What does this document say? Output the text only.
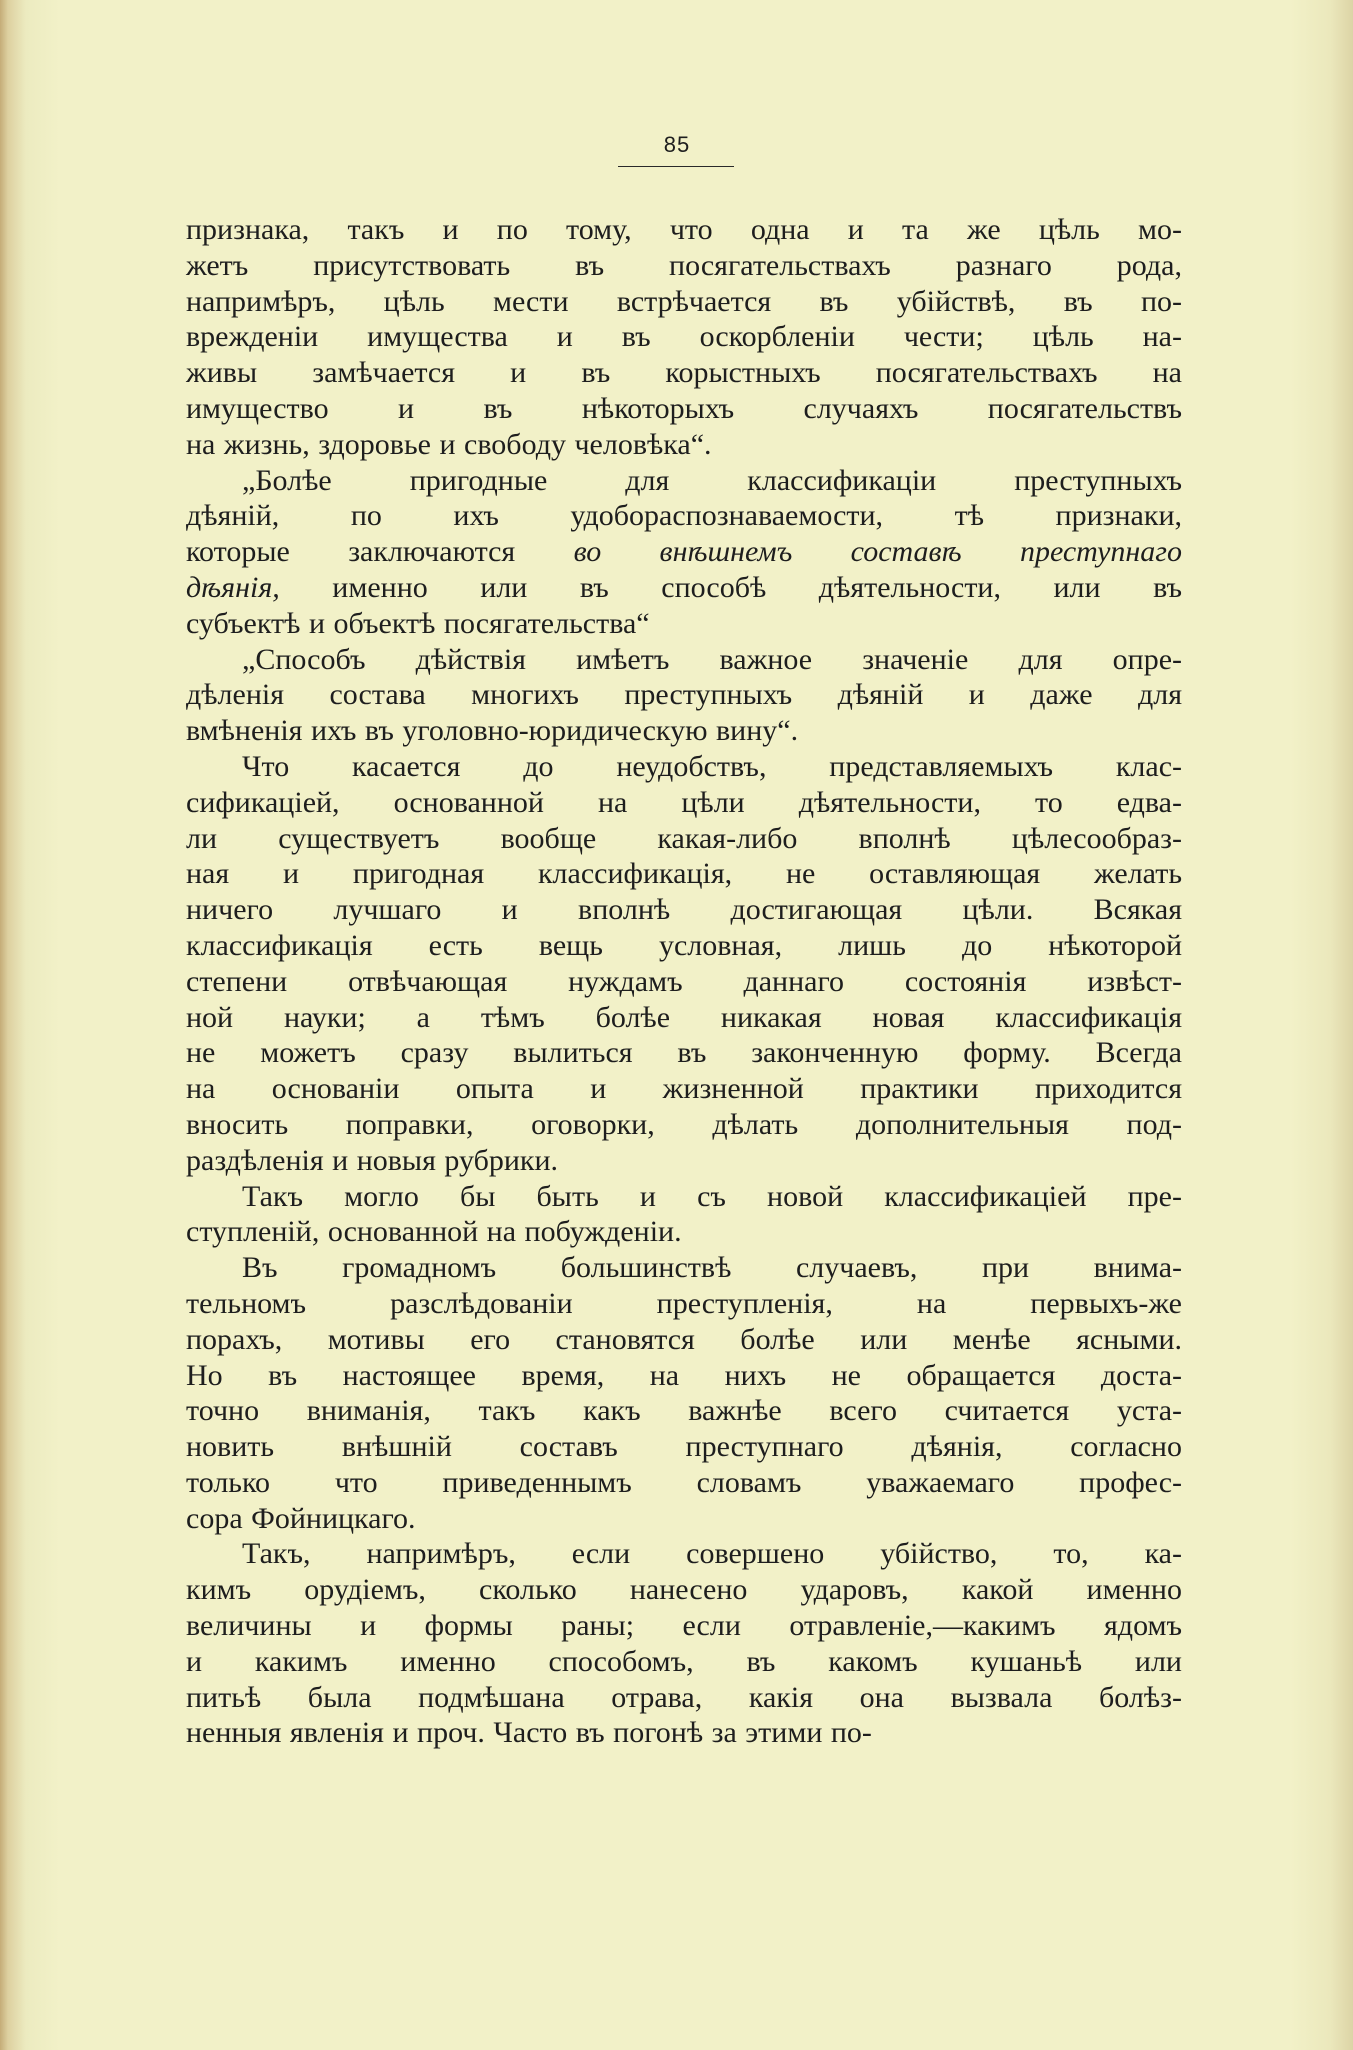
85
признака, такъ и по тому, что одна и та же цѣль мо-
жетъ присутствовать въ посягательствахъ разнаго рода,
напримѣръ, цѣль мести встрѣчается въ убійствѣ, въ по-
врежденіи имущества и въ оскорбленіи чести; цѣль на-
живы замѣчается и въ корыстныхъ посягательствахъ на
имущество и въ нѣкоторыхъ случаяхъ посягательствъ
на жизнь, здоровье и свободу человѣка“.
„Болѣе пригодные для классификаціи преступныхъ
дѣяній, по ихъ удобораспознаваемости, тѣ признаки,
которые заключаются во внѣшнемъ составѣ преступнаго
дѣянія, именно или въ способѣ дѣятельности, или въ
субъектѣ и объектѣ посягательства“
„Способъ дѣйствія имѣетъ важное значеніе для опре-
дѣленія состава многихъ преступныхъ дѣяній и даже для
вмѣненія ихъ въ уголовно-юридическую вину“.
Что касается до неудобствъ, представляемыхъ клас-
сификаціей, основанной на цѣли дѣятельности, то едва-
ли существуетъ вообще какая-либо вполнѣ цѣлесообраз-
ная и пригодная классификація, не оставляющая желать
ничего лучшаго и вполнѣ достигающая цѣли. Всякая
классификація есть вещь условная, лишь до нѣкоторой
степени отвѣчающая нуждамъ даннаго состоянія извѣст-
ной науки; а тѣмъ болѣе никакая новая классификація
не можетъ сразу вылиться въ законченную форму. Всегда
на основаніи опыта и жизненной практики приходится
вносить поправки, оговорки, дѣлать дополнительныя под-
раздѣленія и новыя рубрики.
Такъ могло бы быть и съ новой классификаціей пре-
ступленій, основанной на побужденіи.
Въ громадномъ большинствѣ случаевъ, при внима-
тельномъ разслѣдованіи преступленія, на первыхъ-же
порахъ, мотивы его становятся болѣе или менѣе ясными.
Но въ настоящее время, на нихъ не обращается доста-
точно вниманія, такъ какъ важнѣе всего считается уста-
новить внѣшній составъ преступнаго дѣянія, согласно
только что приведеннымъ словамъ уважаемаго профес-
сора Фойницкаго.
Такъ, напримѣръ, если совершено убійство, то, ка-
кимъ орудіемъ, сколько нанесено ударовъ, какой именно
величины и формы раны; если отравленіе,—какимъ ядомъ
и какимъ именно способомъ, въ какомъ кушаньѣ или
питьѣ была подмѣшана отрава, какія она вызвала болѣз-
ненныя явленія и проч. Часто въ погонѣ за этими по-
